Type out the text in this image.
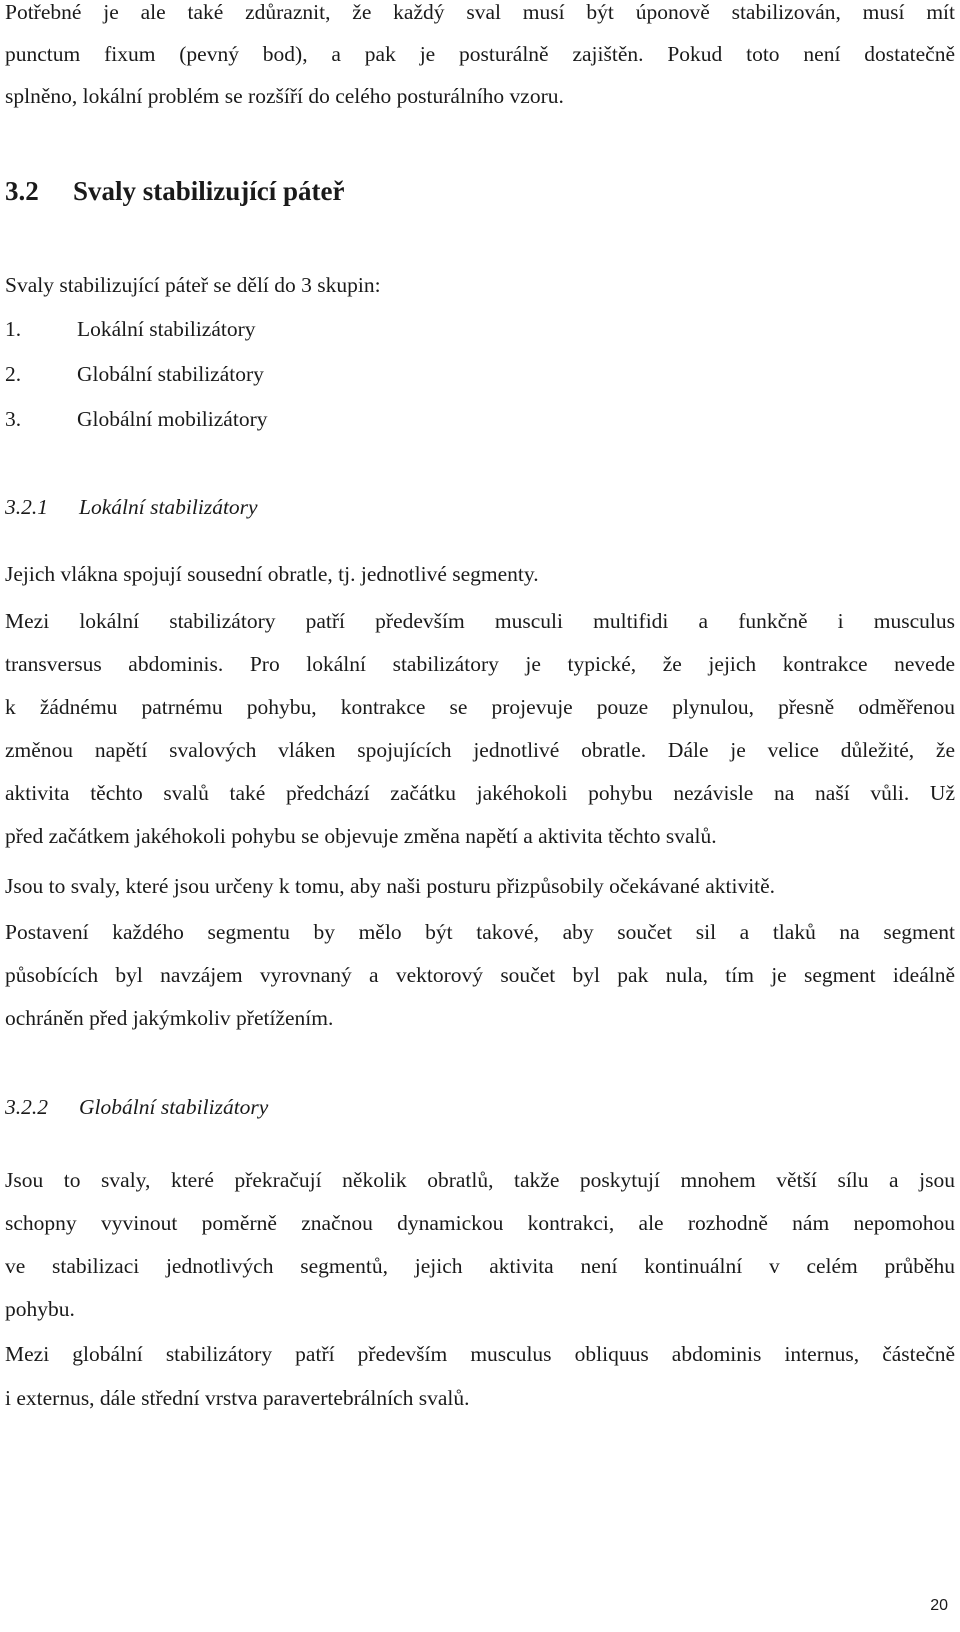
Potřebné je ale také zdůraznit, že každý sval musí být úponově stabilizován, musí mít
punctum fixum (pevný bod), a pak je posturálně zajištěn. Pokud toto není dostatečně
splněno, lokální problém se rozšíří do celého posturálního vzoru.
3.2 Svaly stabilizující páteř
Svaly stabilizující páteř se dělí do 3 skupin:
1.	Lokální stabilizátory
2.	Globální stabilizátory
3.	Globální mobilizátory
3.2.1 Lokální stabilizátory
Jejich vlákna spojují sousední obratle, tj. jednotlivé segmenty.
Mezi lokální stabilizátory patří především musculi multifidi a funkčně i musculus
transversus abdominis. Pro lokální stabilizátory je typické, že jejich kontrakce nevede
k žádnému patrnému pohybu, kontrakce se projevuje pouze plynulou, přesně odměřenou
změnou napětí svalových vláken spojujících jednotlivé obratle. Dále je velice důležité, že
aktivita těchto svalů také předchází začátku jakéhokoli pohybu nezávisle na naší vůli. Už
před začátkem jakéhokoli pohybu se objevuje změna napětí a aktivita těchto svalů.
Jsou to svaly, které jsou určeny k tomu, aby naši posturu přizpůsobily očekávané aktivitě.
Postavení každého segmentu by mělo být takové, aby součet sil a tlaků na segment
působících byl navzájem vyrovnaný a vektorový součet byl pak nula, tím je segment ideálně
ochráněn před jakýmkoliv přetížením.
3.2.2 Globální stabilizátory
Jsou to svaly, které překračují několik obratlů, takže poskytují mnohem větší sílu a jsou
schopny vyvinout poměrně značnou dynamickou kontrakci, ale rozhodně nám nepomohou
ve stabilizaci jednotlivých segmentů, jejich aktivita není kontinuální v celém průběhu
pohybu.
Mezi globální stabilizátory patří především musculus obliquus abdominis internus, částečně
i externus, dále střední vrstva paravertebrálních svalů.
20
